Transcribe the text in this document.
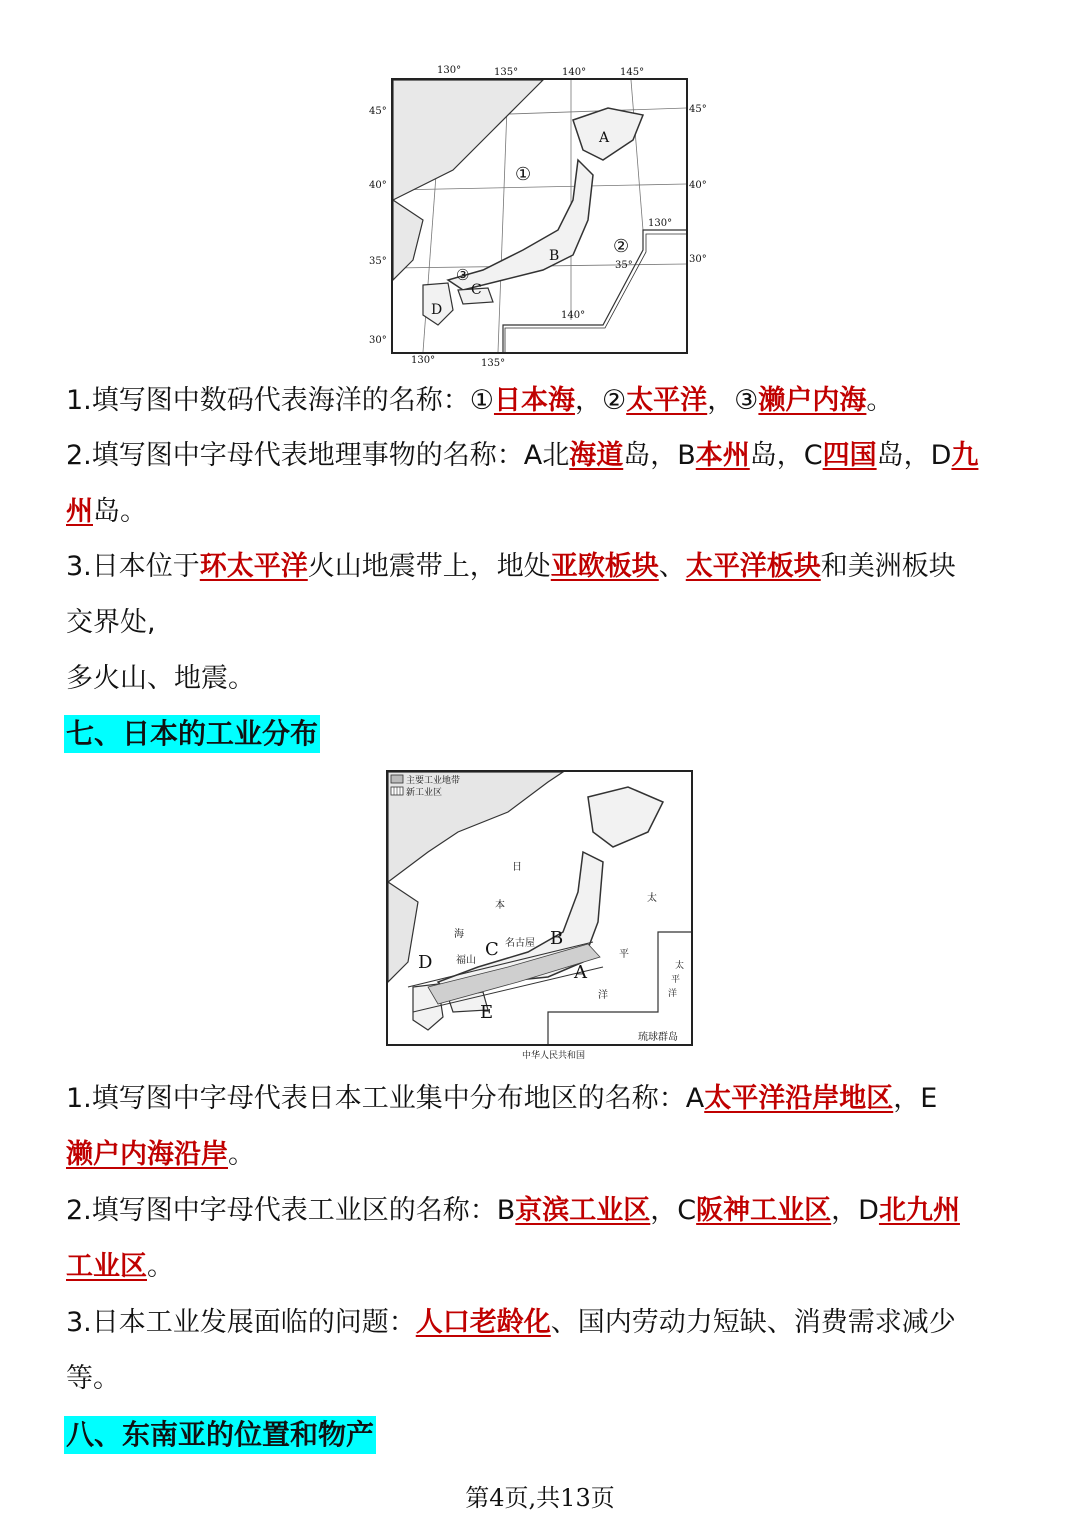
130°	135°	140°	145°
45°
40°
35°
30°
45°
40°
30°
130°	135°
130°
35°
140°
①
②
③
A
B
C
D
1.填写图中数码代表海洋的名称：①日本海，②太平洋，③濑户内海。
2.填写图中字母代表地理事物的名称：A北海道岛，B本州岛，C四国岛，D九
州岛。
3.日本位于环太平洋火山地震带上，地处亚欧板块、太平洋板块和美洲板块
交界处,
多火山、地震。
七、日本的工业分布
主要工业地带
新工业区
日
本
海
太
平
洋
太
平
洋
名古屋
福山
A
B
C
D
E
琉球群岛
中华人民共和国
1.填写图中字母代表日本工业集中分布地区的名称：A太平洋沿岸地区，E
濑户内海沿岸。
2.填写图中字母代表工业区的名称：B京滨工业区，C阪神工业区，D北九州
工业区。
3.日本工业发展面临的问题：人口老龄化、国内劳动力短缺、消费需求减少
等。
八、东南亚的位置和物产
第4页,共13页
